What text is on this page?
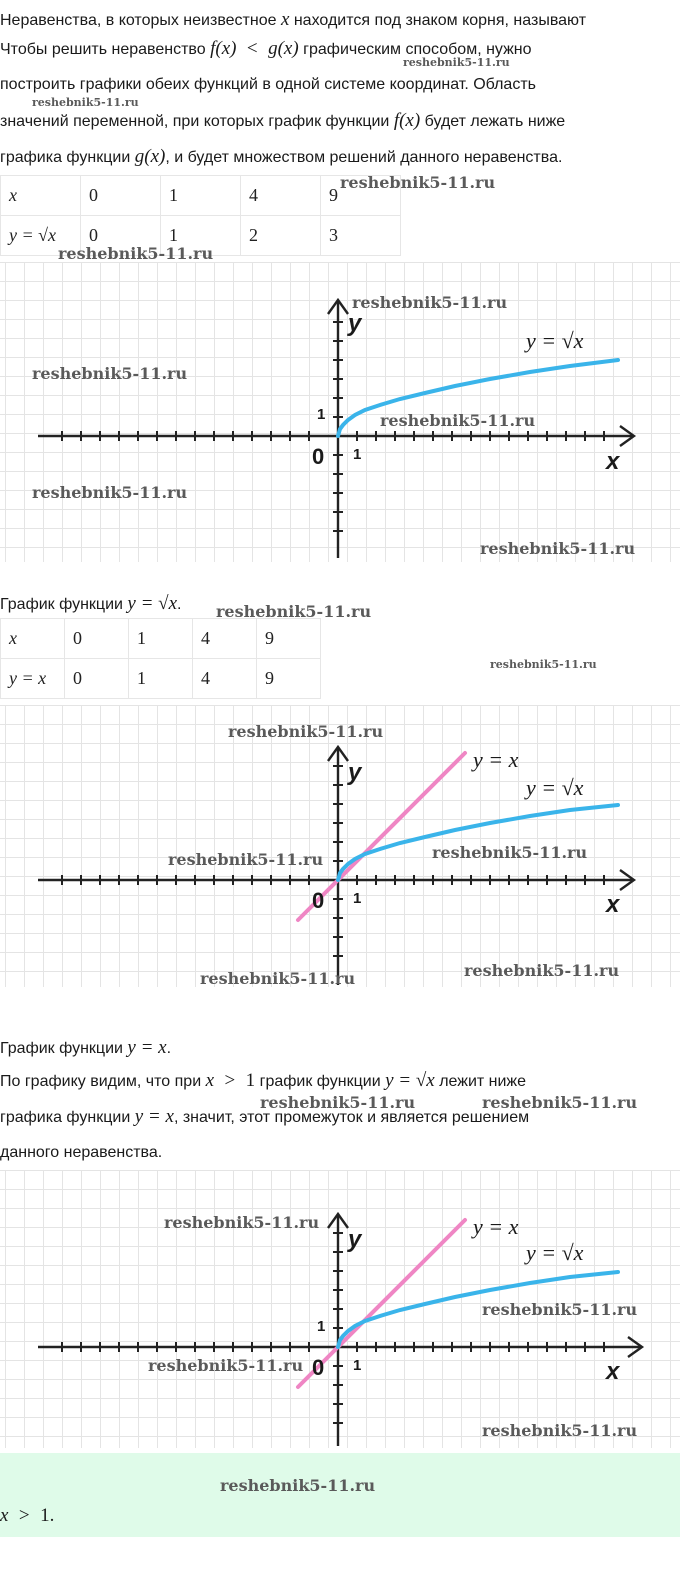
Неравенства, в которых неизвестное x находится под знаком корня, называют
Чтобы решить неравенство f(x) < g(x) графическим способом, нужно
построить графики обеих функций в одной системе координат. Область
значений переменной, при которых график функции f(x) будет лежать ниже
графика функции g(x), и будет множеством решений данного неравенства.
x	0	1	4	9
y = √x	0	1	2	3
y
x
0
1
1
y = √x
График функции y = √x.
x	0	1	4	9
y = x	0	1	4	9
y
x
0 1
y = x
y = √x
График функции y = x.
По графику видим, что при x > 1 график функции y = √x лежит ниже
графика функции y = x, значит, этот промежуток и является решением
данного неравенства.
y
x
0
1
1
y = x
y = √x
x > 1.
reshebnik5-11.ru
reshebnik5-11.ru
reshebnik5-11.ru
reshebnik5-11.ru
reshebnik5-11.ru
reshebnik5-11.ru
reshebnik5-11.ru
reshebnik5-11.ru
reshebnik5-11.ru
reshebnik5-11.ru
reshebnik5-11.ru
reshebnik5-11.ru
reshebnik5-11.ru	reshebnik5-11.ru
reshebnik5-11.ru	reshebnik5-11.ru
reshebnik5-11.ru	reshebnik5-11.ru
reshebnik5-11.ru
reshebnik5-11.ru
reshebnik5-11.ru
reshebnik5-11.ru
reshebnik5-11.ru
